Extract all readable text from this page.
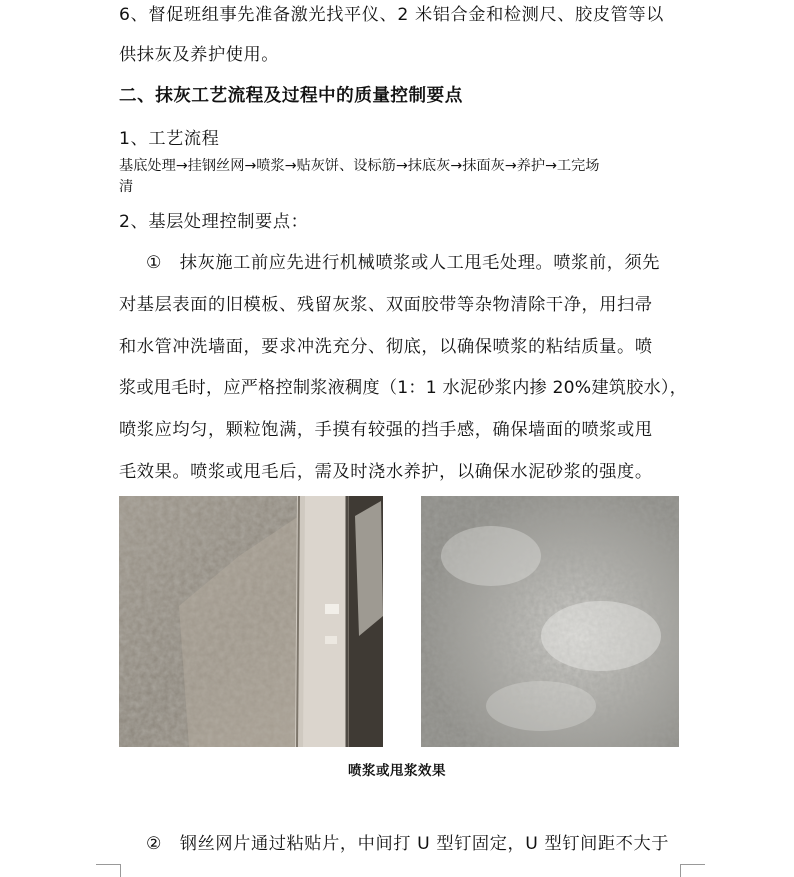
6、督促班组事先准备激光找平仪、2 米铝合金和检测尺、胶皮管等以
供抹灰及养护使用。
二、抹灰工艺流程及过程中的质量控制要点
1、工艺流程
基底处理→挂钢丝网→喷浆→贴灰饼、设标筋→抹底灰→抹面灰→养护→工完场
清
2、基层处理控制要点：
①　抹灰施工前应先进行机械喷浆或人工甩毛处理。喷浆前，须先
对基层表面的旧模板、残留灰浆、双面胶带等杂物清除干净，用扫帚
和水管冲洗墙面，要求冲洗充分、彻底，以确保喷浆的粘结质量。喷
浆或甩毛时，应严格控制浆液稠度（1：1 水泥砂浆内掺 20%建筑胶水），
喷浆应均匀，颗粒饱满，手摸有较强的挡手感，确保墙面的喷浆或甩
毛效果。喷浆或甩毛后，需及时浇水养护，以确保水泥砂浆的强度。
喷浆或甩浆效果
②　钢丝网片通过粘贴片，中间打 U 型钉固定，U 型钉间距不大于
